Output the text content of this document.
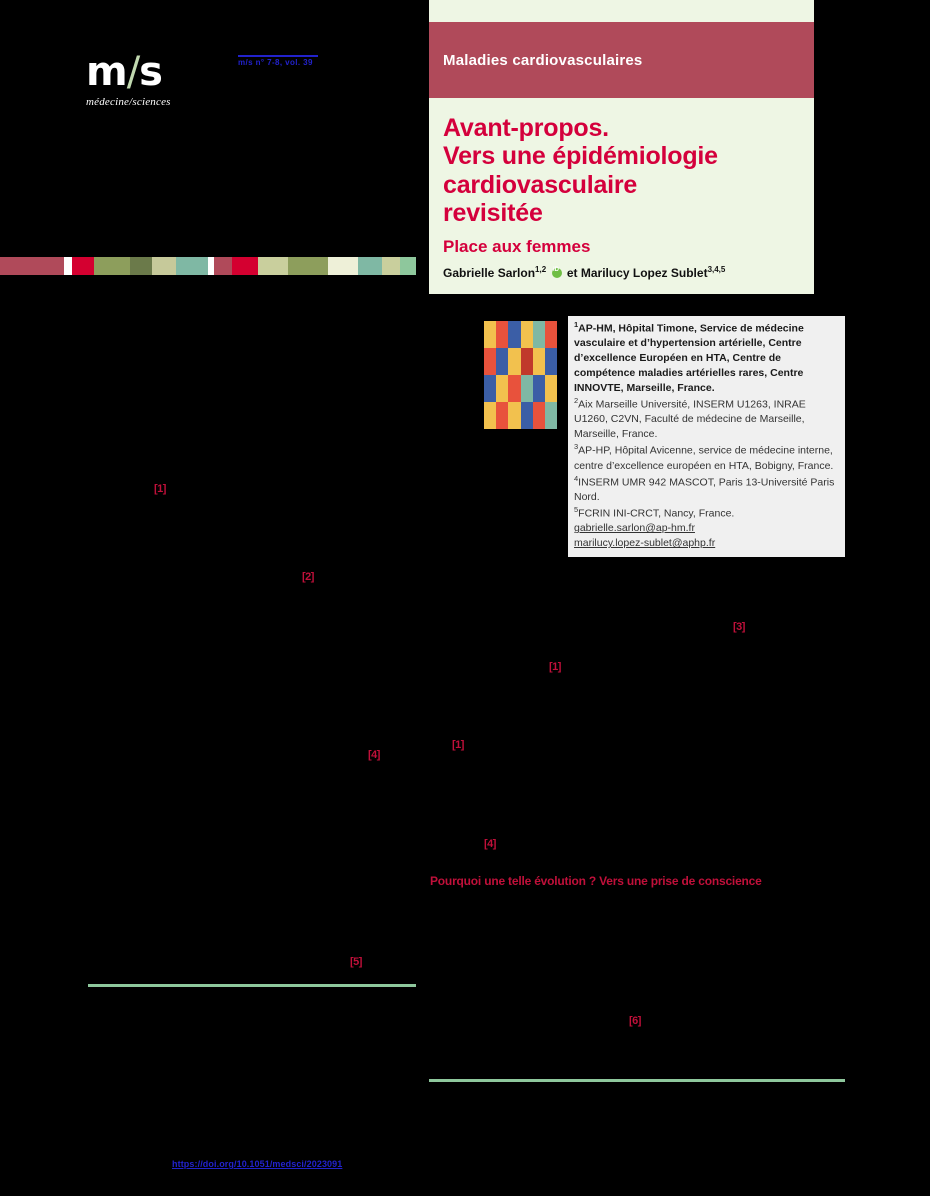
m/s
médecine/sciences
m/s n° 7-8, vol. 39	Maladies cardiovasculaires
Avant-propos.
Vers une épidémiologie
cardiovasculaire
revisitée
Place aux femmes

Gabrielle Sarlon$^{1,2}$ iD et Marilucy Lopez Sublet$^{3,4,5}$

$^1$AP-HM, Hôpital Timone, Service de médecine vasculaire et d’hypertension artérielle, Centre d’excellence Européen en HTA, Centre de compétence maladies artérielles rares, Centre INNOVTE, Marseille, France.

$^2$Aix Marseille Université, INSERM U1263, INRAE U1260, C2VN, Faculté de médecine de Marseille, Marseille, France.

$^3$AP-HP, Hôpital Avicenne, service de médecine interne, centre d’excellence européen en HTA, Bobigny, France.

$^4$INSERM UMR 942 MASCOT, Paris 13-Université Paris Nord.

$^5$FCRIN INI-CRCT, Nancy, France.

gabrielle.sarlon@ap-hm.fr
marilucy.lopez-sublet@aphp.fr
Pourquoi une telle évolution ? Vers une prise de conscience
[1]
[2]
[3]
[1]
[4]
[1]
[4]
[5]
[6]
https://doi.org/10.1051/medsci/2023091
